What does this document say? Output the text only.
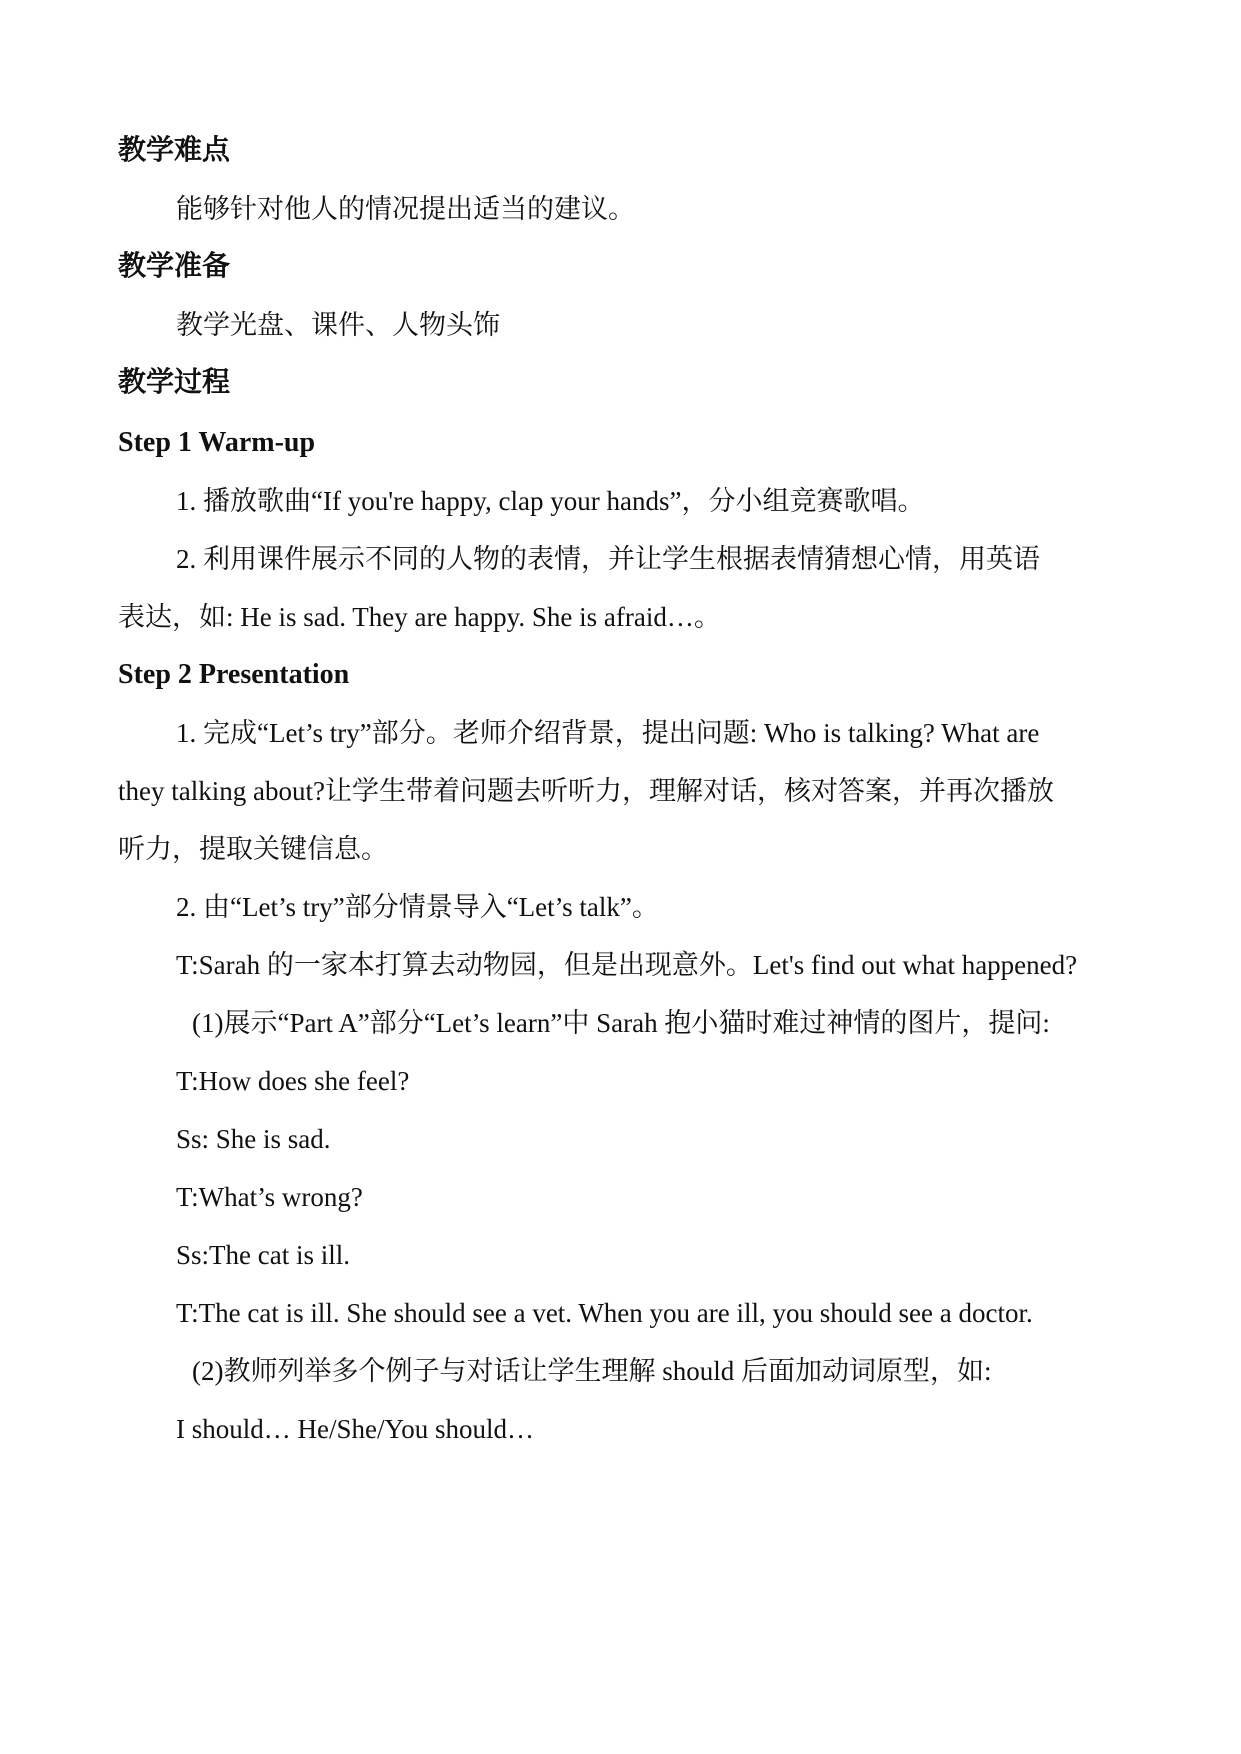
教学难点
能够针对他人的情况提出适当的建议。
教学准备
教学光盘、课件、人物头饰
教学过程
Step 1 Warm-up
1. 播放歌曲“If you're happy, clap your hands”，分小组竞赛歌唱。
2. 利用课件展示不同的人物的表情，并让学生根据表情猜想心情，用英语
表达，如: He is sad. They are happy. She is afraid…。
Step 2 Presentation
1. 完成“Let’s try”部分。老师介绍背景，提出问题: Who is talking? What are
they talking about?让学生带着问题去听听力，理解对话，核对答案，并再次播放
听力，提取关键信息。
2. 由“Let’s try”部分情景导入“Let’s talk”。
T:Sarah 的一家本打算去动物园，但是出现意外。Let's find out what happened?
(1)展示“Part A”部分“Let’s learn”中 Sarah 抱小猫时难过神情的图片，提问:
T:How does she feel?
Ss: She is sad.
T:What’s wrong?
Ss:The cat is ill.
T:The cat is ill. She should see a vet. When you are ill, you should see a doctor.
(2)教师列举多个例子与对话让学生理解 should 后面加动词原型，如:
I should… He/She/You should…
